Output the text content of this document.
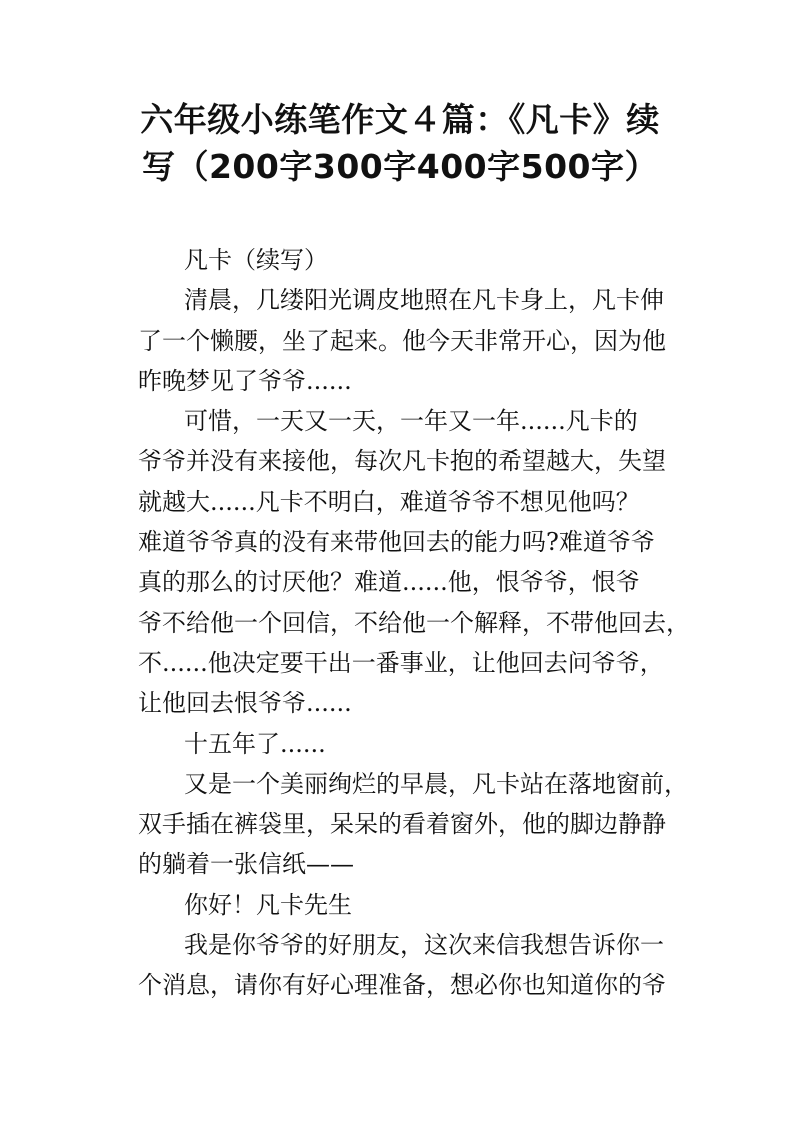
六年级小练笔作文４篇：《凡卡》续
写（200字300字400字500字）

凡卡（续写）

清晨，几缕阳光调皮地照在凡卡身上，凡卡伸

了一个懒腰，坐了起来。他今天非常开心，因为他

昨晚梦见了爷爷......

可惜，一天又一天，一年又一年......凡卡的

爷爷并没有来接他，每次凡卡抱的希望越大，失望

就越大......凡卡不明白，难道爷爷不想见他吗？

难道爷爷真的没有来带他回去的能力吗?难道爷爷

真的那么的讨厌他？难道......他，恨爷爷，恨爷

爷不给他一个回信，不给他一个解释，不带他回去，

不......他决定要干出一番事业，让他回去问爷爷，

让他回去恨爷爷......

十五年了......

又是一个美丽绚烂的早晨，凡卡站在落地窗前，

双手插在裤袋里，呆呆的看着窗外，他的脚边静静

的躺着一张信纸——

你好！凡卡先生

我是你爷爷的好朋友，这次来信我想告诉你一

个消息，请你有好心理准备，想必你也知道你的爷
